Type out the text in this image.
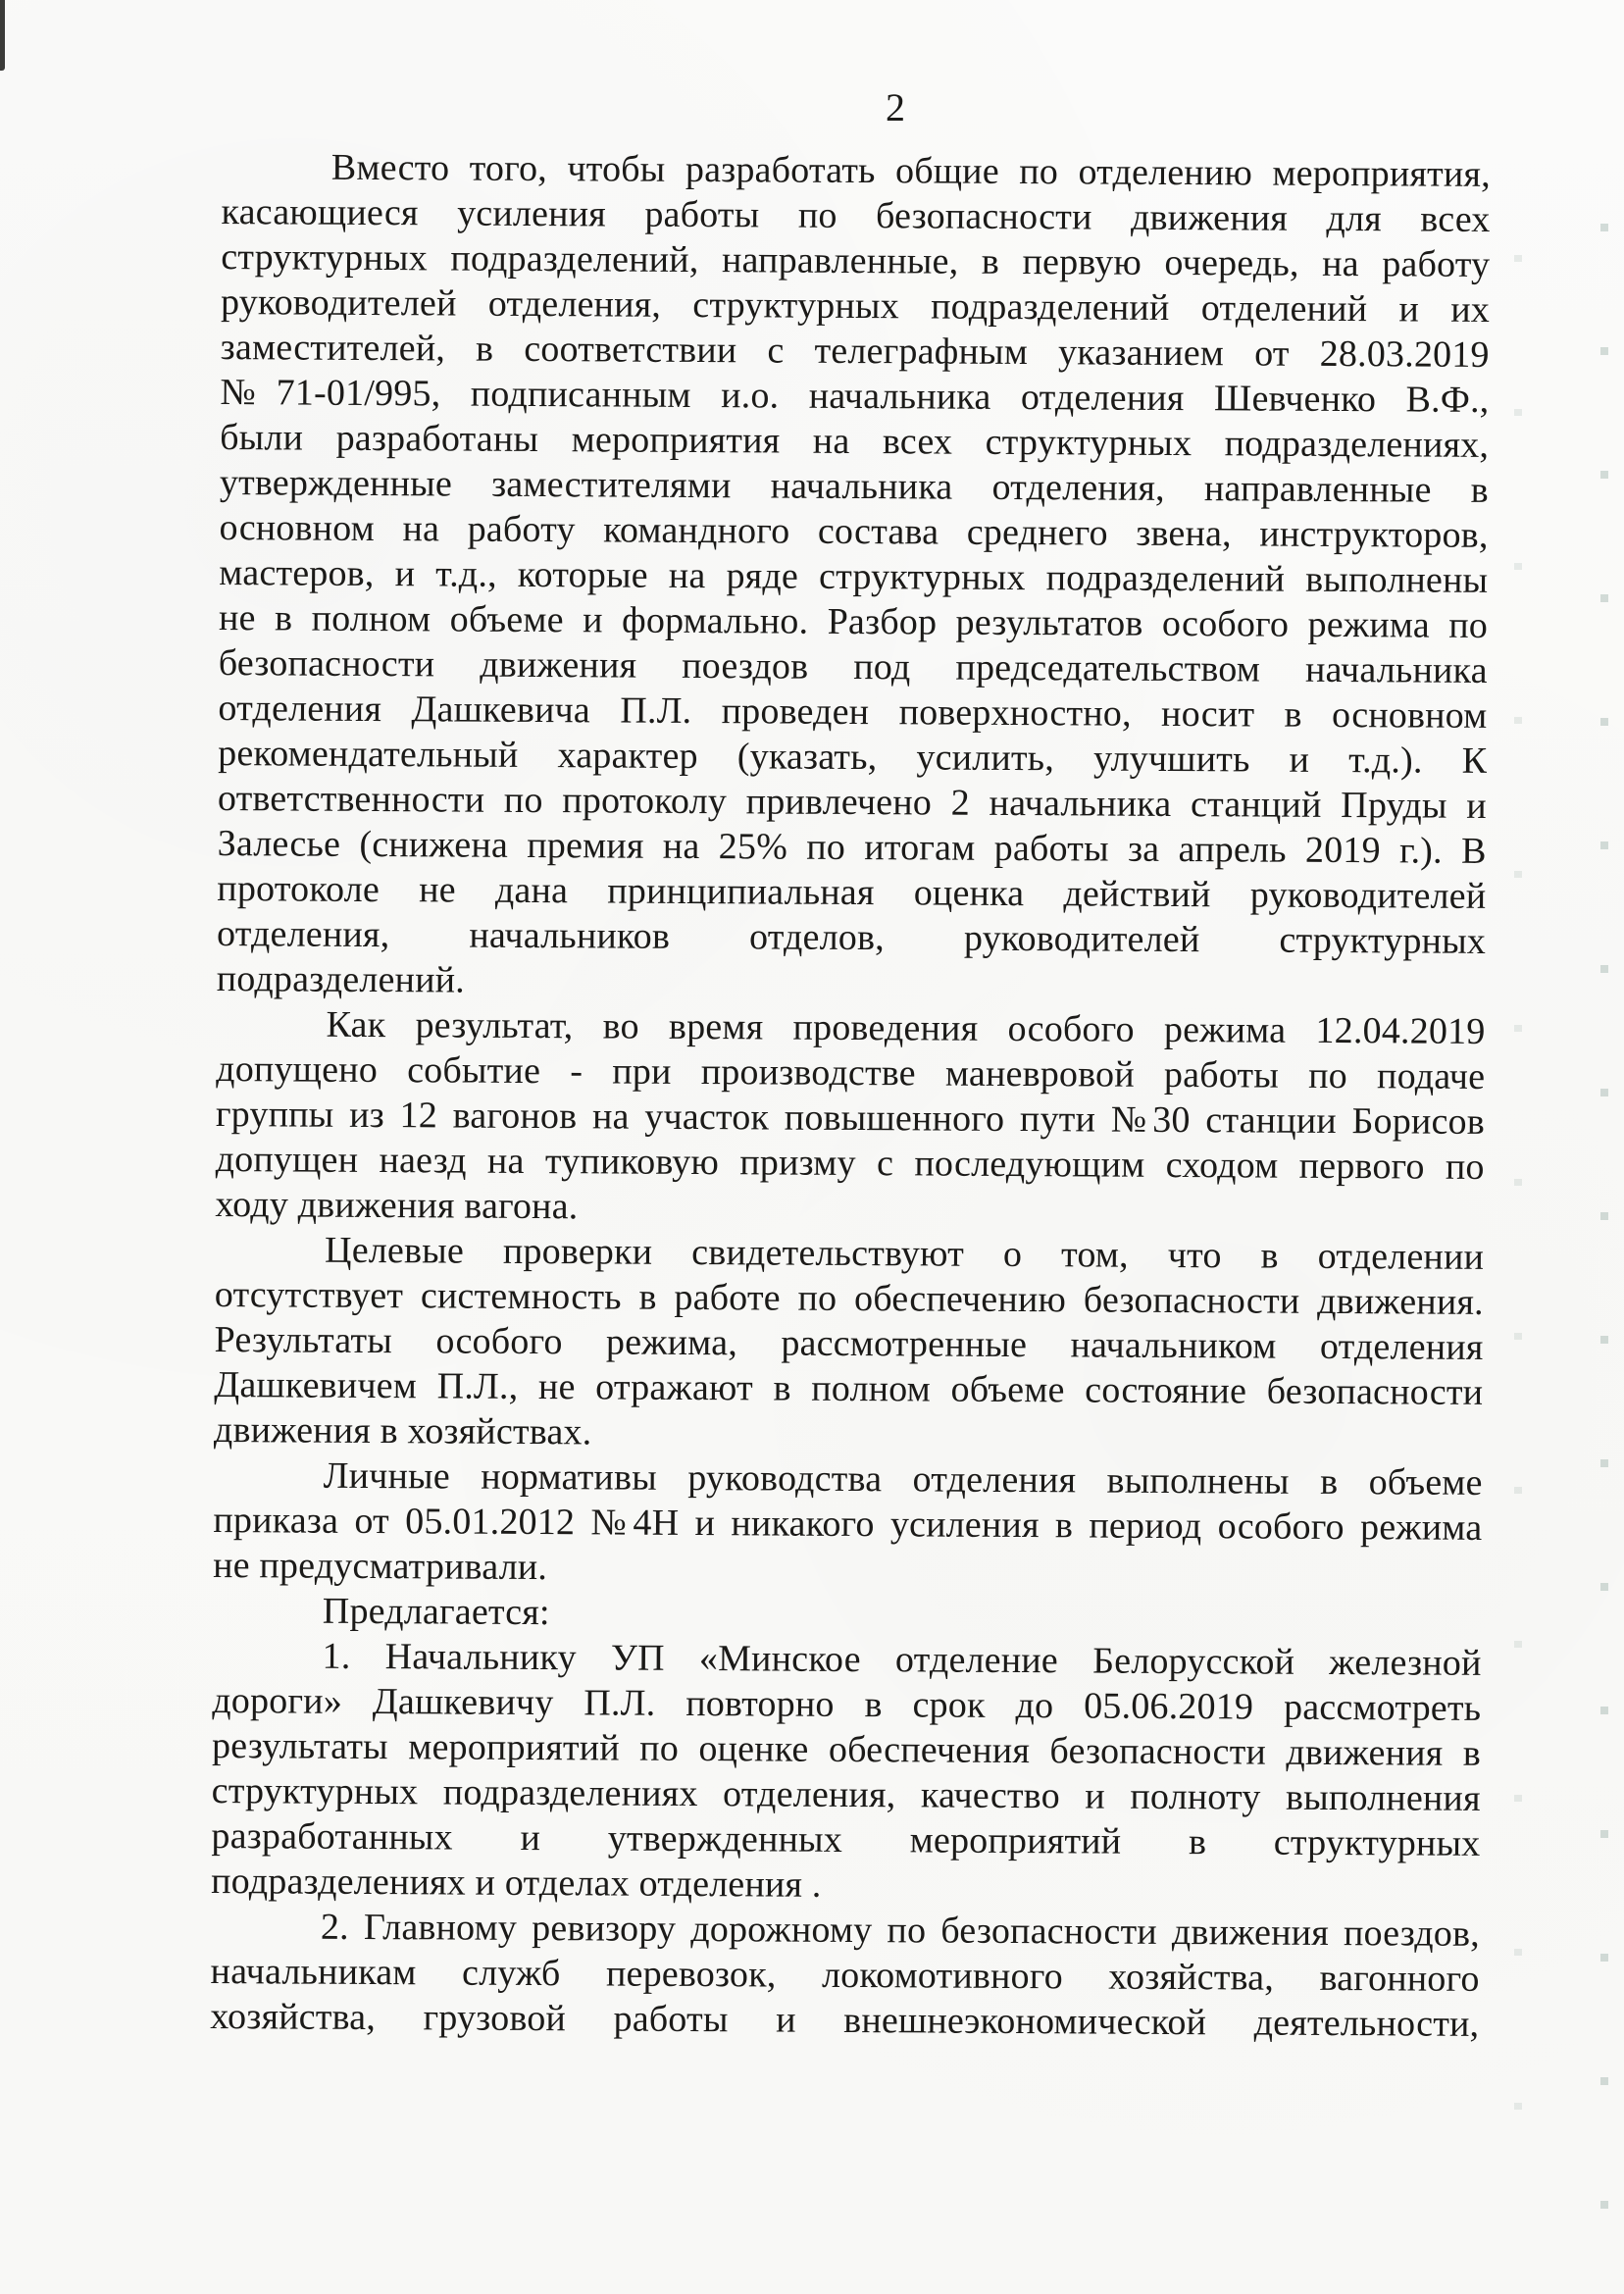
2
Вместо того, чтобы разработать общие по отделению мероприятия,
касающиеся усиления работы по безопасности движения для всех
структурных подразделений, направленные, в первую очередь, на работу
руководителей отделения, структурных подразделений отделений и их
заместителей, в соответствии с телеграфным указанием от 28.03.2019
№71-01/995, подписанным и.о. начальника отделения Шевченко В.Ф.,
были разработаны мероприятия на всех структурных подразделениях,
утвержденные заместителями начальника отделения, направленные в
основном на работу командного состава среднего звена, инструкторов,
мастеров, и т.д., которые на ряде структурных подразделений выполнены
не в полном объеме и формально. Разбор результатов особого режима по
безопасности движения поездов под председательством начальника
отделения Дашкевича П.Л. проведен поверхностно, носит в основном
рекомендательный характер (указать, усилить, улучшить и т.д.). К
ответственности по протоколу привлечено 2 начальника станций Пруды и
Залесье (снижена премия на 25% по итогам работы за апрель 2019 г.). В
протоколе не дана принципиальная оценка действий руководителей
отделения, начальников отделов, руководителей структурных
подразделений.
Как результат, во время проведения особого режима 12.04.2019
допущено событие - при производстве маневровой работы по подаче
группы из 12 вагонов на участок повышенного пути №30 станции Борисов
допущен наезд на тупиковую призму с последующим сходом первого по
ходу движения вагона.
Целевые проверки свидетельствуют о том, что в отделении
отсутствует системность в работе по обеспечению безопасности движения.
Результаты особого режима, рассмотренные начальником отделения
Дашкевичем П.Л., не отражают в полном объеме состояние безопасности
движения в хозяйствах.
Личные нормативы руководства отделения выполнены в объеме
приказа от 05.01.2012 №4Н и никакого усиления в период особого режима
не предусматривали.
Предлагается:
1. Начальнику УП «Минское отделение Белорусской железной
дороги» Дашкевичу П.Л. повторно в срок до 05.06.2019 рассмотреть
результаты мероприятий по оценке обеспечения безопасности движения в
структурных подразделениях отделения, качество и полноту выполнения
разработанных и утвержденных мероприятий в структурных
подразделениях и отделах отделения .
2. Главному ревизору дорожному по безопасности движения поездов,
начальникам служб перевозок, локомотивного хозяйства, вагонного
хозяйства, грузовой работы и внешнеэкономической деятельности,
